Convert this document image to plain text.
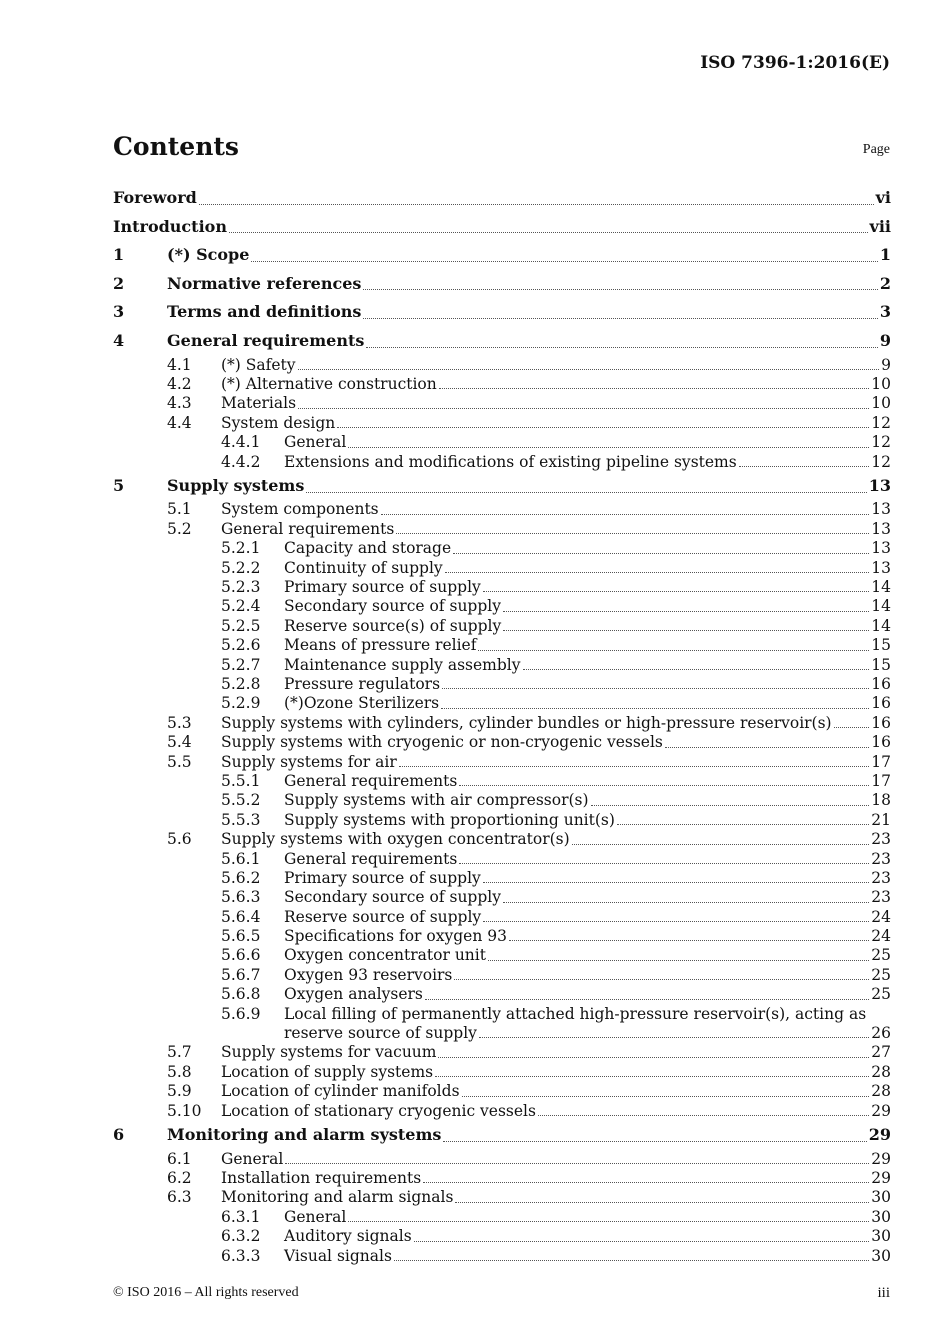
ISO 7396-1:2016(E)
Contents	Page
Foreword	vi
Introduction	vii
1	(*) Scope	1
2	Normative references	2
3	Terms and definitions	3
4	General requirements	9
4.1	(*) Safety	9
4.2	(*) Alternative construction	10
4.3	Materials	10
4.4	System design	12
4.4.1	General	12
4.4.2	Extensions and modifications of existing pipeline systems	12
5	Supply systems	13
5.1	System components	13
5.2	General requirements	13
5.2.1	Capacity and storage	13
5.2.2	Continuity of supply	13
5.2.3	Primary source of supply	14
5.2.4	Secondary source of supply	14
5.2.5	Reserve source(s) of supply	14
5.2.6	Means of pressure relief	15
5.2.7	Maintenance supply assembly	15
5.2.8	Pressure regulators	16
5.2.9	(*)Ozone Sterilizers	16
5.3	Supply systems with cylinders, cylinder bundles or high-pressure reservoir(s)	16
5.4	Supply systems with cryogenic or non-cryogenic vessels	16
5.5	Supply systems for air	17
5.5.1	General requirements	17
5.5.2	Supply systems with air compressor(s)	18
5.5.3	Supply systems with proportioning unit(s)	21
5.6	Supply systems with oxygen concentrator(s)	23
5.6.1	General requirements	23
5.6.2	Primary source of supply	23
5.6.3	Secondary source of supply	23
5.6.4	Reserve source of supply	24
5.6.5	Specifications for oxygen 93	24
5.6.6	Oxygen concentrator unit	25
5.6.7	Oxygen 93 reservoirs	25
5.6.8	Oxygen analysers	25
5.6.9	Local filling of permanently attached high-pressure reservoir(s), acting as
reserve source of supply	26
5.7	Supply systems for vacuum	27
5.8	Location of supply systems	28
5.9	Location of cylinder manifolds	28
5.10	Location of stationary cryogenic vessels	29
6	Monitoring and alarm systems	29
6.1	General	29
6.2	Installation requirements	29
6.3	Monitoring and alarm signals	30
6.3.1	General	30
6.3.2	Auditory signals	30
6.3.3	Visual signals	30
© ISO 2016 – All rights reserved	iii
